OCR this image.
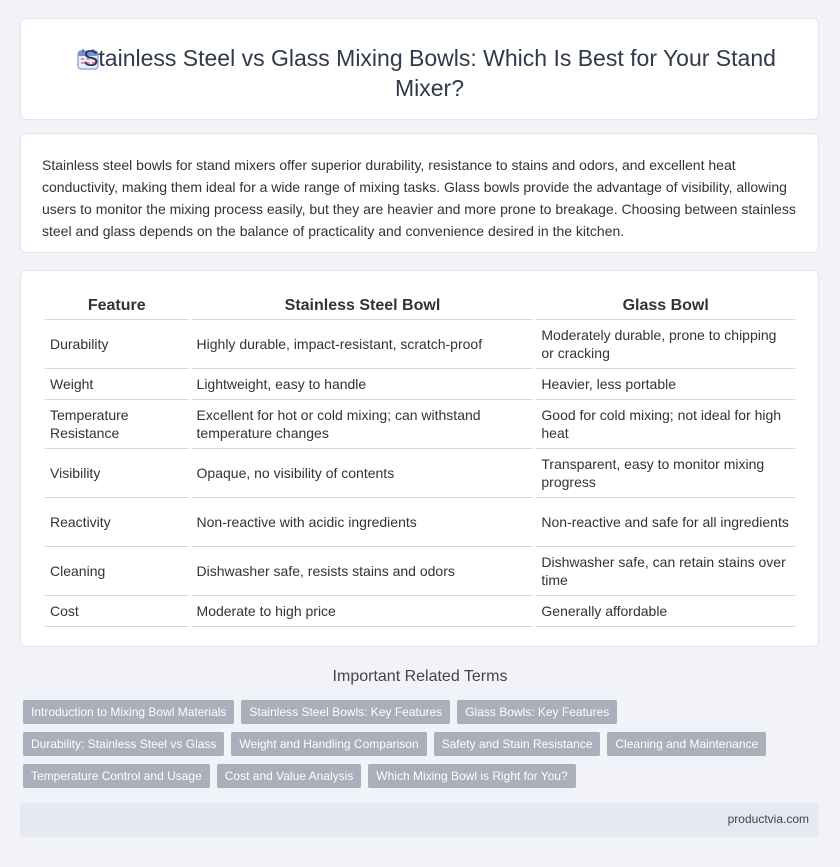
Stainless Steel vs Glass Mixing Bowls: Which Is Best for Your Stand Mixer?

Stainless steel bowls for stand mixers offer superior durability, resistance to stains and odors, and excellent heat conductivity, making them ideal for a wide range of mixing tasks. Glass bowls provide the advantage of visibility, allowing users to monitor the mixing process easily, but they are heavier and more prone to breakage. Choosing between stainless steel and glass depends on the balance of practicality and convenience desired in the kitchen.

Feature	Stainless Steel Bowl	Glass Bowl
Durability	Highly durable, impact-resistant, scratch-proof	Moderately durable, prone to chipping or cracking
Weight	Lightweight, easy to handle	Heavier, less portable
Temperature Resistance	Excellent for hot or cold mixing; can withstand temperature changes	Good for cold mixing; not ideal for high heat
Visibility	Opaque, no visibility of contents	Transparent, easy to monitor mixing progress
Reactivity	Non-reactive with acidic ingredients	Non-reactive and safe for all ingredients
Cleaning	Dishwasher safe, resists stains and odors	Dishwasher safe, can retain stains over time
Cost	Moderate to high price	Generally affordable
Important Related Terms
Introduction to Mixing Bowl Materials	Stainless Steel Bowls: Key Features	Glass Bowls: Key Features
Durability: Stainless Steel vs Glass	Weight and Handling Comparison	Safety and Stain Resistance	Cleaning and Maintenance
Temperature Control and Usage	Cost and Value Analysis	Which Mixing Bowl is Right for You?
productvia.com
